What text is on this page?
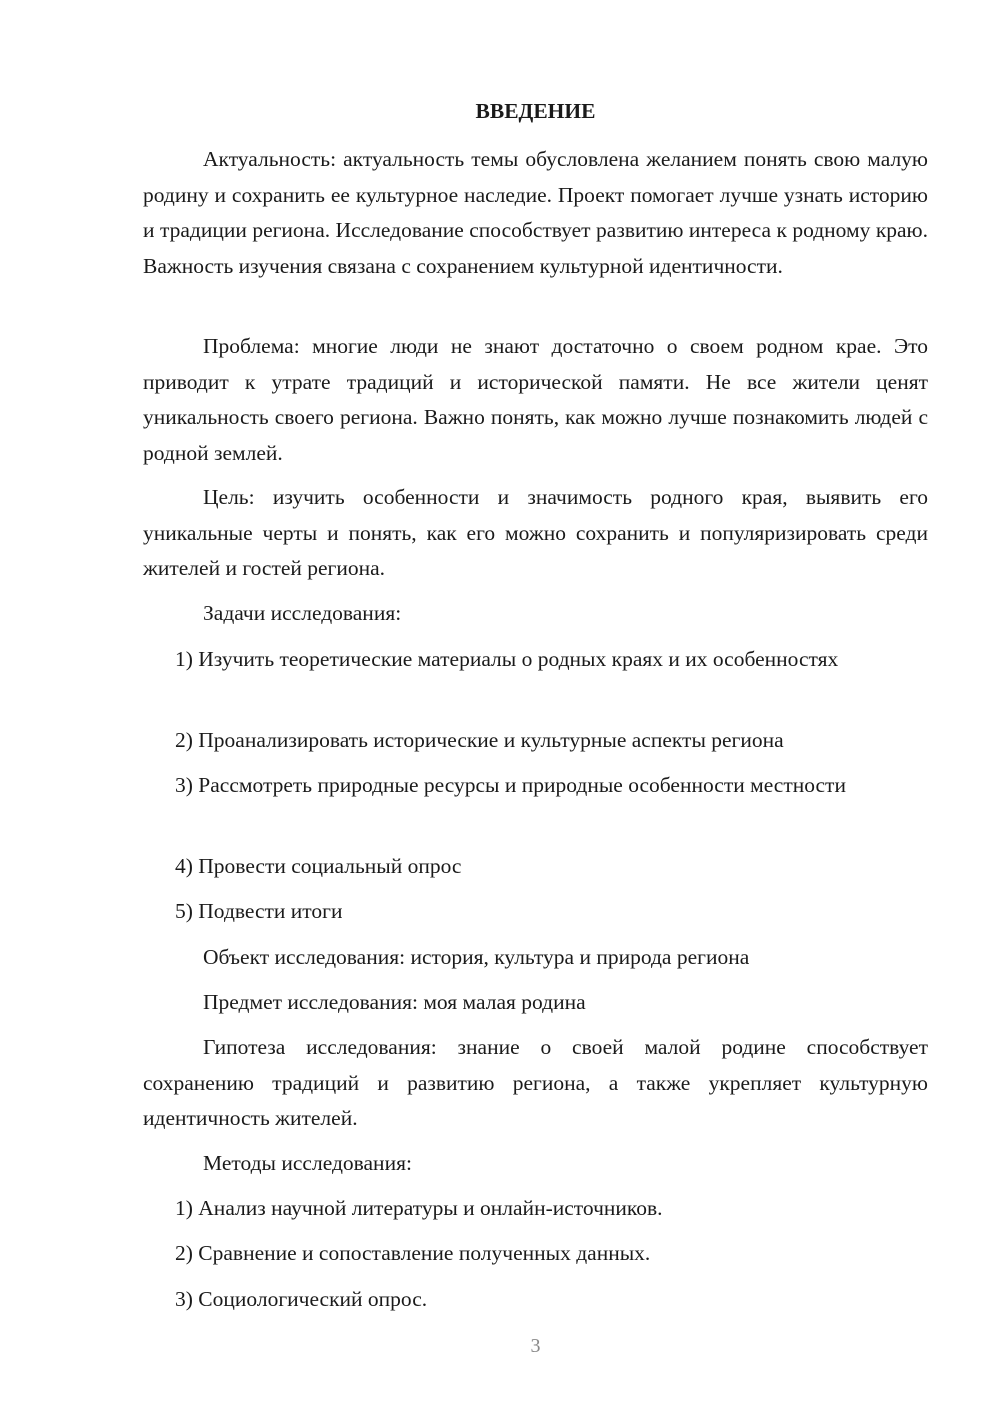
ВВЕДЕНИЕ

Актуальность: актуальность темы обусловлена желанием понять свою малую родину и сохранить ее культурное наследие. Проект помогает лучше узнать историю и традиции региона. Исследование способствует развитию интереса к родному краю. Важность изучения связана с сохранением культурной идентичности.

Проблема: многие люди не знают достаточно о своем родном крае. Это приводит к утрате традиций и исторической памяти. Не все жители ценят уникальность своего региона. Важно понять, как можно лучше познакомить людей с родной землей.

Цель: изучить особенности и значимость родного края, выявить его уникальные черты и понять, как его можно сохранить и популяризировать среди жителей и гостей региона.

Задачи исследования:

1) Изучить теоретические материалы о родных краях и их особенностях

2) Проанализировать исторические и культурные аспекты региона

3) Рассмотреть природные ресурсы и природные особенности местности

4) Провести социальный опрос

5) Подвести итоги

Объект исследования: история, культура и природа региона

Предмет исследования: моя малая родина

Гипотеза исследования: знание о своей малой родине способствует сохранению традиций и развитию региона, а также укрепляет культурную идентичность жителей.

Методы исследования:

1) Анализ научной литературы и онлайн-источников.

2) Сравнение и сопоставление полученных данных.

3) Социологический опрос.

3
